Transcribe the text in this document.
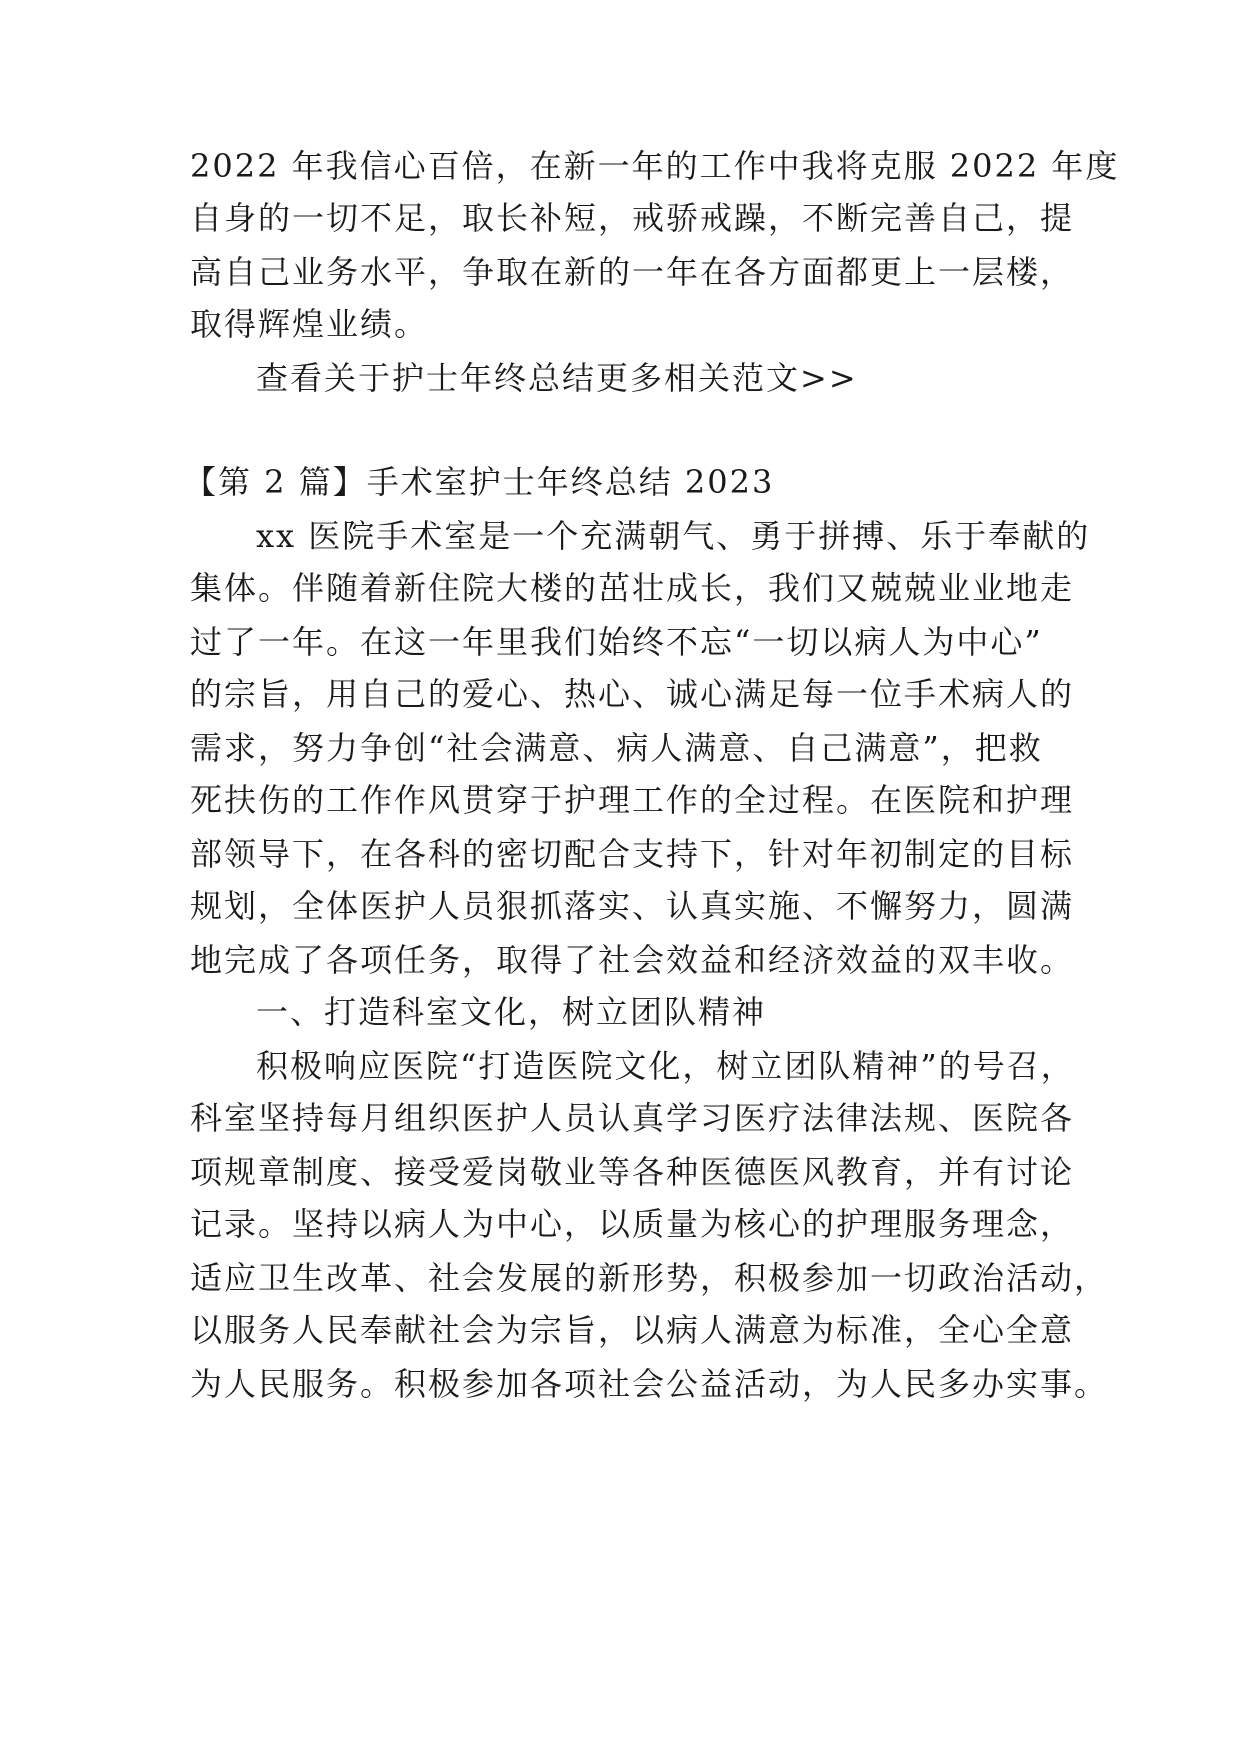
2022 年我信心百倍，在新一年的工作中我将克服 2022 年度
自身的一切不足，取长补短，戒骄戒躁，不断完善自己，提
高自己业务水平，争取在新的一年在各方面都更上一层楼，
取得辉煌业绩。
查看关于护士年终总结更多相关范文>>
【第 2 篇】手术室护士年终总结 2023
xx 医院手术室是一个充满朝气、勇于拼搏、乐于奉献的
集体。伴随着新住院大楼的茁壮成长，我们又兢兢业业地走
过了一年。在这一年里我们始终不忘“一切以病人为中心”
的宗旨，用自己的爱心、热心、诚心满足每一位手术病人的
需求，努力争创“社会满意、病人满意、自己满意”，把救
死扶伤的工作作风贯穿于护理工作的全过程。在医院和护理
部领导下，在各科的密切配合支持下，针对年初制定的目标
规划，全体医护人员狠抓落实、认真实施、不懈努力，圆满
地完成了各项任务，取得了社会效益和经济效益的双丰收。
一、打造科室文化，树立团队精神
积极响应医院“打造医院文化，树立团队精神”的号召，
科室坚持每月组织医护人员认真学习医疗法律法规、医院各
项规章制度、接受爱岗敬业等各种医德医风教育，并有讨论
记录。坚持以病人为中心，以质量为核心的护理服务理念，
适应卫生改革、社会发展的新形势，积极参加一切政治活动，
以服务人民奉献社会为宗旨，以病人满意为标准，全心全意
为人民服务。积极参加各项社会公益活动，为人民多办实事。
